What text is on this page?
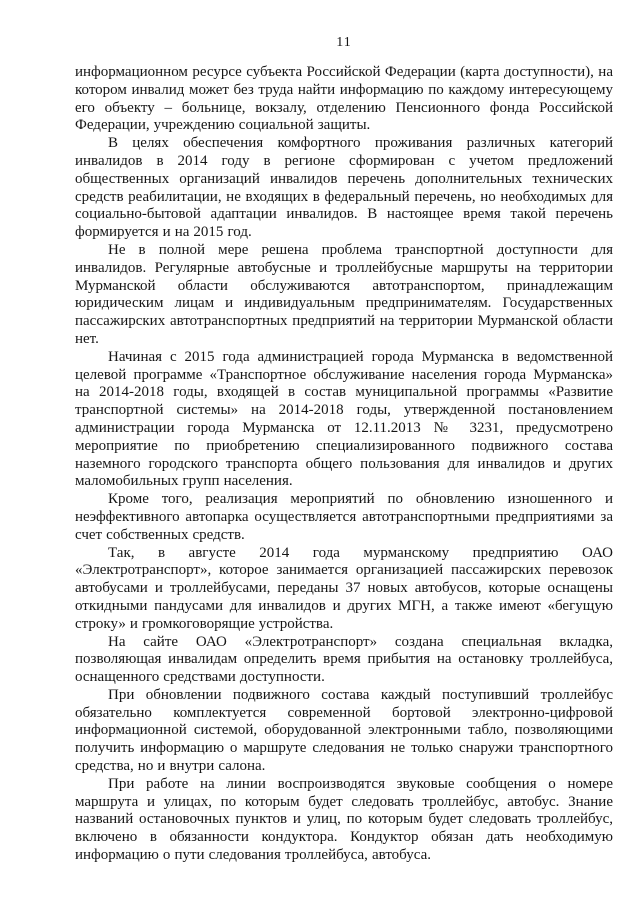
11

информационном ресурсе субъекта Российской Федерации (карта доступности), на котором инвалид может без труда найти информацию по каждому интересующему его объекту – больнице, вокзалу, отделению Пенсионного фонда Российской Федерации, учреждению социальной защиты.

В целях обеспечения комфортного проживания различных категорий инвалидов в 2014 году в регионе сформирован с учетом предложений общественных организаций инвалидов перечень дополнительных технических средств реабилитации, не входящих в федеральный перечень, но необходимых для социально-бытовой адаптации инвалидов. В настоящее время такой перечень формируется и на 2015 год.

Не в полной мере решена проблема транспортной доступности для инвалидов. Регулярные автобусные и троллейбусные маршруты на территории Мурманской области обслуживаются автотранспортом, принадлежащим юридическим лицам и индивидуальным предпринимателям. Государственных пассажирских автотранспортных предприятий на территории Мурманской области нет.

Начиная с 2015 года администрацией города Мурманска в ведомственной целевой программе «Транспортное обслуживание населения города Мурманска» на 2014-2018 годы, входящей в состав муниципальной программы «Развитие транспортной системы» на 2014-2018 годы, утвержденной постановлением администрации города Мурманска от 12.11.2013 № 3231, предусмотрено мероприятие по приобретению специализированного подвижного состава наземного городского транспорта общего пользования для инвалидов и других маломобильных групп населения.

Кроме того, реализация мероприятий по обновлению изношенного и неэффективного автопарка осуществляется автотранспортными предприятиями за счет собственных средств.

Так, в августе 2014 года мурманскому предприятию ОАО «Электротранспорт», которое занимается организацией пассажирских перевозок автобусами и троллейбусами, переданы 37 новых автобусов, которые оснащены откидными пандусами для инвалидов и других МГН, а также имеют «бегущую строку» и громкоговорящие устройства.

На сайте ОАО «Электротранспорт» создана специальная вкладка, позволяющая инвалидам определить время прибытия на остановку троллейбуса, оснащенного средствами доступности.

При обновлении подвижного состава каждый поступивший троллейбус обязательно комплектуется современной бортовой электронно-цифровой информационной системой, оборудованной электронными табло, позволяющими получить информацию о маршруте следования не только снаружи транспортного средства, но и внутри салона.

При работе на линии воспроизводятся звуковые сообщения о номере маршрута и улицах, по которым будет следовать троллейбус, автобус. Знание названий остановочных пунктов и улиц, по которым будет следовать троллейбус, включено в обязанности кондуктора. Кондуктор обязан дать необходимую информацию о пути следования троллейбуса, автобуса.
